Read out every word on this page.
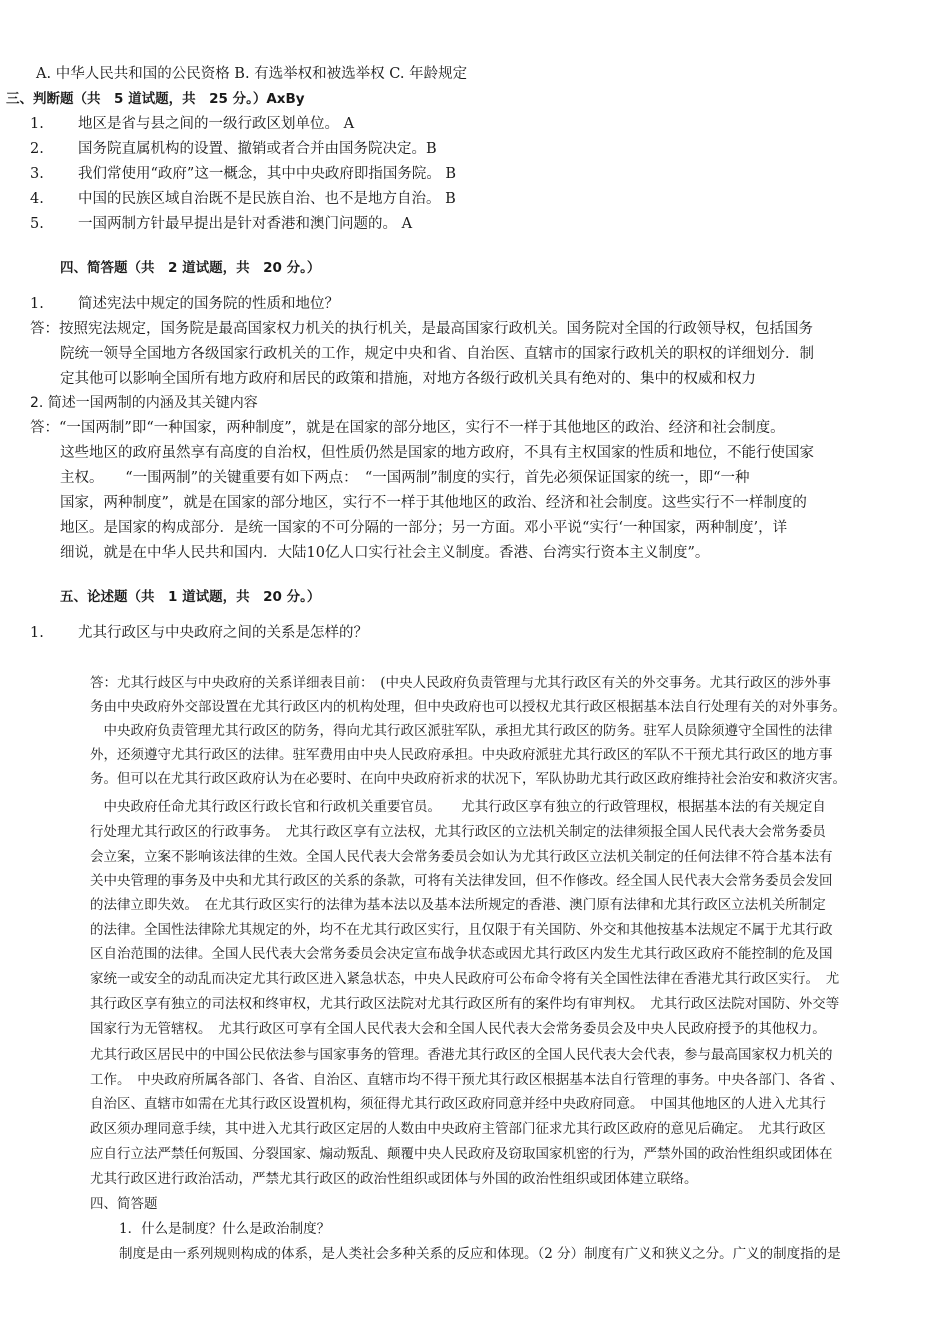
A. 中华人民共和国的公民资格 B. 有选举权和被选举权 C. 年龄规定
三、判断题（共　5 道试题，共　25 分。）AxBy
1. 地区是省与县之间的一级行政区划单位。 A
2. 国务院直属机构的设置、撤销或者合并由国务院决定。B
3. 我们常使用“政府”这一概念，其中中央政府即指国务院。 B
4. 中国的民族区域自治既不是民族自治、也不是地方自治。 B
5. 一国两制方针最早提出是针对香港和澳门问题的。 A
四、简答题（共　2 道试题，共　20 分。）
1. 简述宪法中规定的国务院的性质和地位？
答：按照宪法规定，国务院是最高国家权力机关的执行机关，是最高国家行政机关。国务院对全国的行政领导权，包括国务
院统一领导全国地方各级国家行政机关的工作，规定中央和省、自治医、直辖市的国家行政机关的职权的详细划分．制
定其他可以影响全国所有地方政府和居民的政策和措施，对地方各级行政机关具有绝对的、集中的权威和权力
2. 简述一国两制的内涵及其关键内容
答：“一国两制”即“一种国家，两种制度”，就是在国家的部分地区，实行不一样于其他地区的政治、经济和社会制度。
这些地区的政府虽然享有高度的自治权，但性质仍然是国家的地方政府，不具有主权国家的性质和地位，不能行使国家
主权。　　“一围两制”的关键重要有如下两点：　“一国两制”制度的实行，首先必须保证国家的统一，即“一种
国家，两种制度”，就是在国家的部分地区，实行不一样于其他地区的政治、经济和社会制度。这些实行不一样制度的
地区。是国家的构成部分．是统一国家的不可分隔的一部分；另一方面。邓小平说“实行‘一种国家，两种制度’，详
细说，就是在中华人民共和国内．大陆10亿人口实行社会主义制度。香港、台湾实行资本主义制度”。
五、论述题（共　1 道试题，共　20 分。）
1. 尤其行政区与中央政府之间的关系是怎样的？
答：尤其行歧区与中央政府的关系详细表目前：　(中央人民政府负责管理与尤其行政区有关的外交事务。尤其行政区的涉外事
务由中央政府外交部设置在尤其行政区内的机构处理，但中央政府也可以授权尤其行政区根据基本法自行处理有关的对外事务。
　中央政府负责管理尤其行政区的防务，得向尤其行政区派驻军队，承担尤其行政区的防务。驻军人员除须遵守全国性的法律
外，还须遵守尤其行政区的法律。驻军费用由中央人民政府承担。中央政府派驻尤其行政区的军队不干预尤其行政区的地方事
务。但可以在尤其行政区政府认为在必要时、在向中央政府祈求的状况下，军队协助尤其行政区政府维持社会治安和救济灾害。
　中央政府任命尤其行政区行政长官和行政机关重要官员。　　尤其行政区享有独立的行政管理权，根据基本法的有关规定自
行处理尤其行政区的行政事务。　尤其行政区享有立法权，尤其行政区的立法机关制定的法律须报全国人民代表大会常务委员
会立案，立案不影响该法律的生效。全国人民代表大会常务委员会如认为尤其行政区立法机关制定的任何法律不符合基本法有
关中央管理的事务及中央和尤其行政区的关系的条款，可将有关法律发回，但不作修改。经全国人民代表大会常务委员会发回
的法律立即失效。　在尤其行政区实行的法律为基本法以及基本法所规定的香港、澳门原有法律和尤其行政区立法机关所制定
的法律。全国性法律除尤其规定的外，均不在尤其行政区实行，且仅限于有关国防、外交和其他按基本法规定不属于尤其行政
区自治范围的法律。全国人民代表大会常务委员会决定宣布战争状态或因尤其行政区内发生尤其行政区政府不能控制的危及国
家统一或安全的动乱而决定尤其行政区进入紧急状态，中央人民政府可公布命令将有关全国性法律在香港尤其行政区实行。　尤
其行政区享有独立的司法权和终审权，尤其行政区法院对尤其行政区所有的案件均有审判权。　尤其行政区法院对国防、外交等
国家行为无管辖权。　尤其行政区可享有全国人民代表大会和全国人民代表大会常务委员会及中央人民政府授予的其他权力。
尤其行政区居民中的中国公民依法参与国家事务的管理。香港尤其行政区的全国人民代表大会代表，参与最高国家权力机关的
工作。　中央政府所属各部门、各省、自治区、直辖市均不得干预尤其行政区根据基本法自行管理的事务。中央各部门、各省 、
自治区、直辖市如需在尤其行政区设置机构，须征得尤其行政区政府同意并经中央政府同意。　中国其他地区的人进入尤其行
政区须办理同意手续，其中进入尤其行政区定居的人数由中央政府主管部门征求尤其行政区政府的意见后确定。　尤其行政区
应自行立法严禁任何叛国、分裂国家、煽动叛乱、颠覆中央人民政府及窃取国家机密的行为，严禁外国的政治性组织或团体在
尤其行政区进行政治活动，严禁尤其行政区的政治性组织或团体与外国的政治性组织或团体建立联络。
四、简答题
1．什么是制度？什么是政治制度？
制度是由一系列规则构成的体系，是人类社会多种关系的反应和体现。（2 分）制度有广义和狭义之分。广义的制度指的是
